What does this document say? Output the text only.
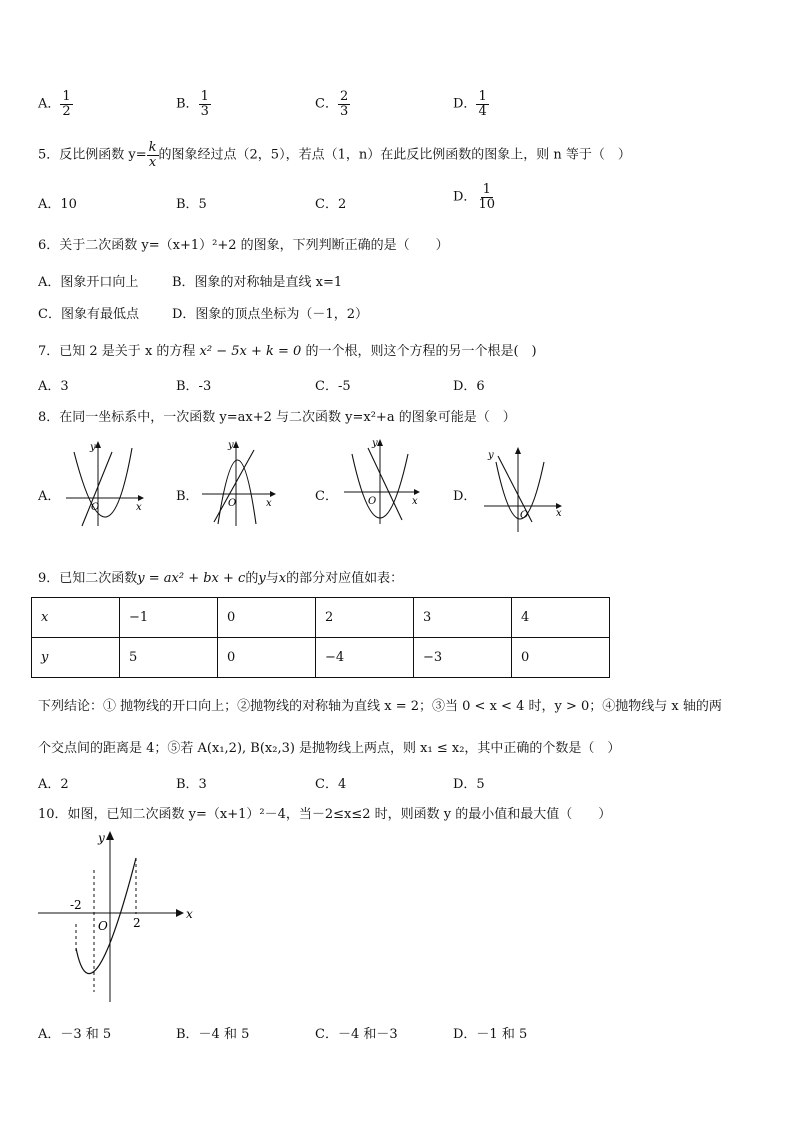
A． $\frac{1}{2}$	B． $\frac{1}{3}$	C． $\frac{2}{3}$	D． $\frac{1}{4}$
5．反比例函数 $y= \frac{k}{x}$ 的图象经过点（2，5），若点（1，n）在此反比例函数的图象上，则 n 等于（　）
A．10	B．5	C．2	D． $\frac{1}{10}$
6．关于二次函数 y=（x+1）²+2 的图象，下列判断正确的是（　　）
A．图象开口向上	B．图象的对称轴是直线 x=1
C．图象有最低点	D．图象的顶点坐标为（－1，2）
7．已知 2 是关于 x 的方程 x² − 5x + k = 0 的一个根，则这个方程的另一个根是(　)
A．3	B．-3	C．-5	D．6
8．在同一坐标系中，一次函数 y=ax+2 与二次函数 y=x²+a 的图象可能是（　）
A．	B．	C．	D．
y
x
O
y
x
O
y
x
O
y
x
O
9．已知二次函数y = ax² + bx + c的y与x的部分对应值如表：
x	−1	0	2	3	4
y	5	0	−4	−3	0
下列结论：① 抛物线的开口向上；②抛物线的对称轴为直线 x = 2；③当 0 < x < 4 时，y > 0；④抛物线与 x 轴的两
个交点间的距离是 4；⑤若 A(x₁,2), B(x₂,3) 是抛物线上两点，则 x₁ ≤ x₂，其中正确的个数是（　）
A．2	B．3	C．4	D．5
10．如图，已知二次函数 y=（x+1）²－4，当－2≤x≤2 时，则函数 y 的最小值和最大值（　　）
y
x
O
-2
2
A．－3 和 5	B．－4 和 5	C．－4 和－3	D．－1 和 5
